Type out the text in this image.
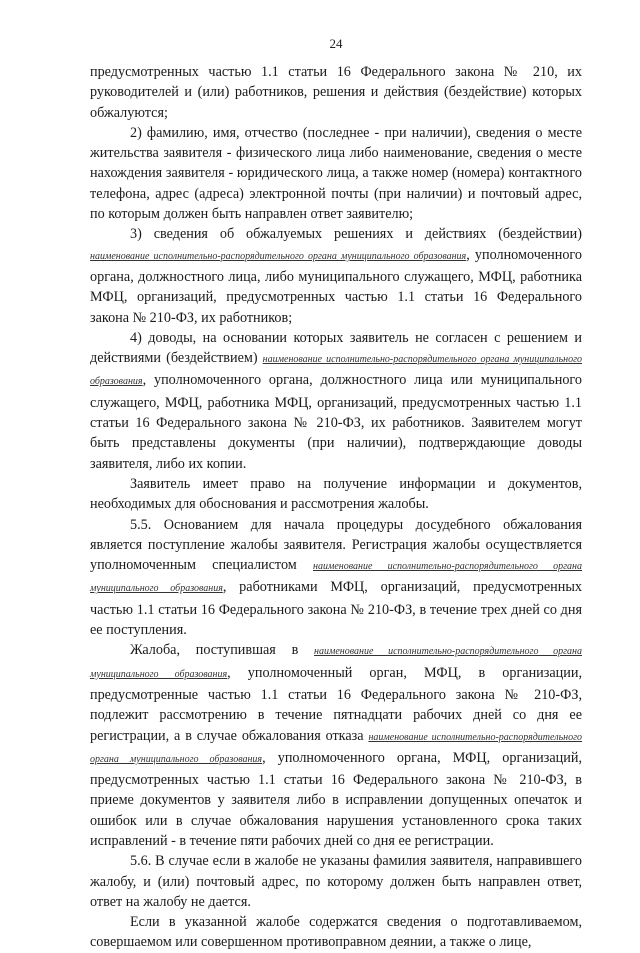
24

предусмотренных частью 1.1 статьи 16 Федерального закона № 210, их руководителей и (или) работников, решения и действия (бездействие) которых обжалуются;

2) фамилию, имя, отчество (последнее - при наличии), сведения о месте жительства заявителя - физического лица либо наименование, сведения о месте нахождения заявителя - юридического лица, а также номер (номера) контактного телефона, адрес (адреса) электронной почты (при наличии) и почтовый адрес, по которым должен быть направлен ответ заявителю;

3) сведения об обжалуемых решениях и действиях (бездействии) наименование исполнительно-распорядительного органа муниципального образования, уполномоченного органа, должностного лица, либо муниципального служащего, МФЦ, работника МФЦ, организаций, предусмотренных частью 1.1 статьи 16 Федерального закона № 210-ФЗ, их работников;

4) доводы, на основании которых заявитель не согласен с решением и действиями (бездействием) наименование исполнительно-распорядительного органа муниципального образования, уполномоченного органа, должностного лица или муниципального служащего, МФЦ, работника МФЦ, организаций, предусмотренных частью 1.1 статьи 16 Федерального закона № 210-ФЗ, их работников. Заявителем могут быть представлены документы (при наличии), подтверждающие доводы заявителя, либо их копии.

Заявитель имеет право на получение информации и документов, необходимых для обоснования и рассмотрения жалобы.

5.5. Основанием для начала процедуры досудебного обжалования является поступление жалобы заявителя. Регистрация жалобы осуществляется уполномоченным специалистом наименование исполнительно-распорядительного органа муниципального образования, работниками МФЦ, организаций, предусмотренных частью 1.1 статьи 16 Федерального закона № 210-ФЗ, в течение трех дней со дня ее поступления.

Жалоба, поступившая в наименование исполнительно-распорядительного органа муниципального образования, уполномоченный орган, МФЦ, в организации, предусмотренные частью 1.1 статьи 16 Федерального закона № 210-ФЗ, подлежит рассмотрению в течение пятнадцати рабочих дней со дня ее регистрации, а в случае обжалования отказа наименование исполнительно-распорядительного органа муниципального образования, уполномоченного органа, МФЦ, организаций, предусмотренных частью 1.1 статьи 16 Федерального закона № 210-ФЗ, в приеме документов у заявителя либо в исправлении допущенных опечаток и ошибок или в случае обжалования нарушения установленного срока таких исправлений - в течение пяти рабочих дней со дня ее регистрации.

5.6. В случае если в жалобе не указаны фамилия заявителя, направившего жалобу, и (или) почтовый адрес, по которому должен быть направлен ответ, ответ на жалобу не дается.

Если в указанной жалобе содержатся сведения о подготавливаемом, совершаемом или совершенном противоправном деянии, а также о лице,
